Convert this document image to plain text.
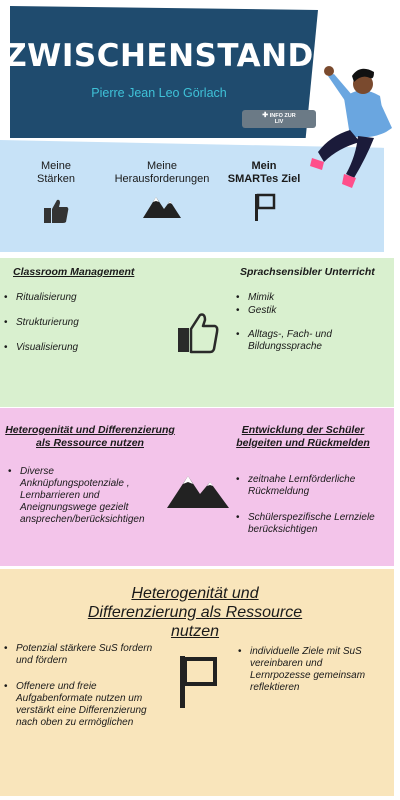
ZWISCHENSTAND
Pierre Jean Leo Görlach
✚ INFO ZUR
LIV
Meine
Stärken
Meine
Herausforderungen
Mein
SMARTes Ziel
Classroom Management
• Ritualisierung
• Strukturierung
• Visualisierung
Sprachsensibler Unterricht
• Mimik
• Gestik
• Alltags-, Fach- und Bildungssprache
Heterogenität und Differenzierung
als Ressource nutzen
• Diverse Anknüpfungspotenziale , Lernbarrieren und Aneignungswege gezielt ansprechen/berücksichtigen
Entwicklung der Schüler
belgeiten und Rückmelden
• zeitnahe Lernförderliche Rückmeldung
• Schülerspezifische Lernziele berücksichtigen
Heterogenität und
Differenzierung als Ressource
nutzen
• Potenzial stärkere SuS fordern und fördern
• Offenere und freie Aufgabenformate nutzen um verstärkt eine Differenzierung nach oben zu ermöglichen
• individuelle Ziele mit SuS vereinbaren und Lernrpozesse gemeinsam reflektieren
